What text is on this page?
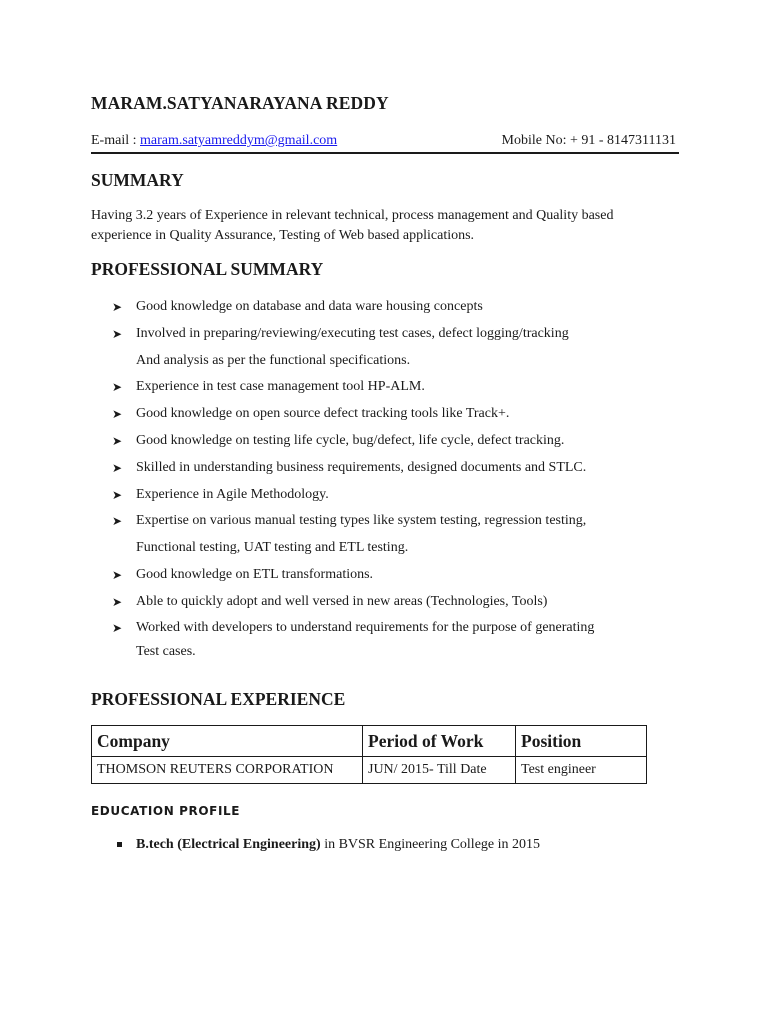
MARAM.SATYANARAYANA REDDY
E-mail : maram.satyamreddym@gmail.com	Mobile No: + 91 - 8147311131
SUMMARY
Having 3.2 years of Experience in relevant technical, process management and Quality based experience in Quality Assurance, Testing of Web based applications.
PROFESSIONAL SUMMARY
➤ Good knowledge on database and data ware housing concepts
➤ Involved in preparing/reviewing/executing test cases, defect logging/tracking
And analysis as per the functional specifications.
➤ Experience in test case management tool HP-ALM.
➤ Good knowledge on open source defect tracking tools like Track+.
➤ Good knowledge on testing life cycle, bug/defect, life cycle, defect tracking.
➤ Skilled in understanding business requirements, designed documents and STLC.
➤ Experience in Agile Methodology.
➤ Expertise on various manual testing types like system testing, regression testing,
Functional testing, UAT testing and ETL testing.
➤ Good knowledge on ETL transformations.
➤ Able to quickly adopt and well versed in new areas (Technologies, Tools)
➤ Worked with developers to understand requirements for the purpose of generating
Test cases.
PROFESSIONAL EXPERIENCE
Company	Period of Work	Position
THOMSON REUTERS CORPORATION	JUN/ 2015- Till Date	Test engineer
EDUCATION PROFILE
B.tech (Electrical Engineering) in BVSR Engineering College in 2015
